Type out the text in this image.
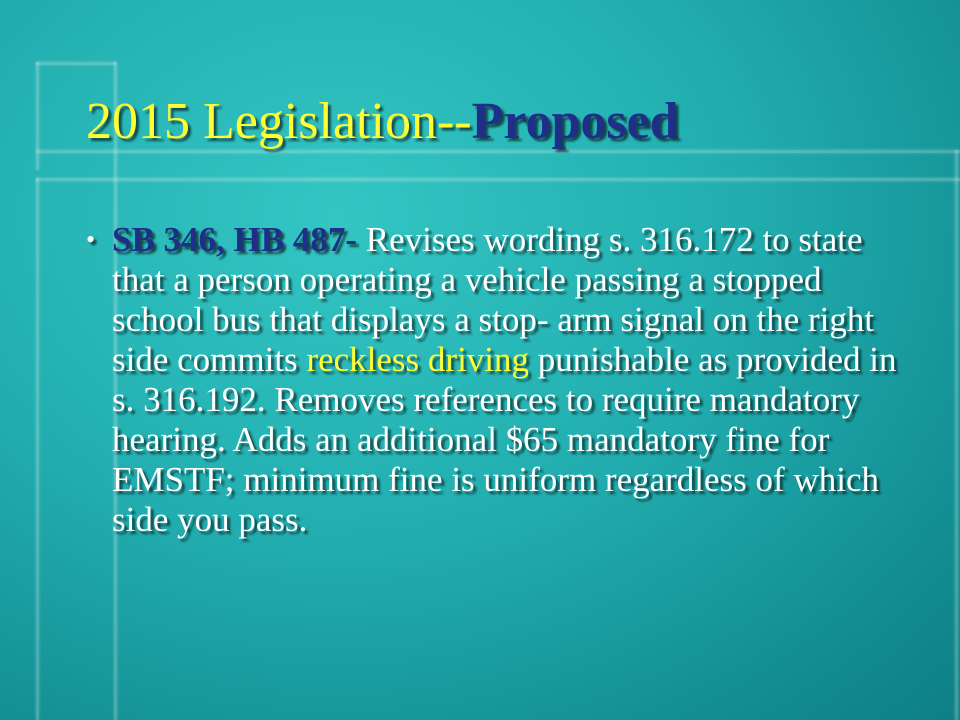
2015 Legislation--Proposed
• SB 346, HB 487- Revises wording s. 316.172 to state that a person operating a vehicle passing a stopped school bus that displays a stop- arm signal on the right side commits reckless driving punishable as provided in s. 316.192. Removes references to require mandatory hearing. Adds an additional $65 mandatory fine for EMSTF; minimum fine is uniform regardless of which side you pass.
